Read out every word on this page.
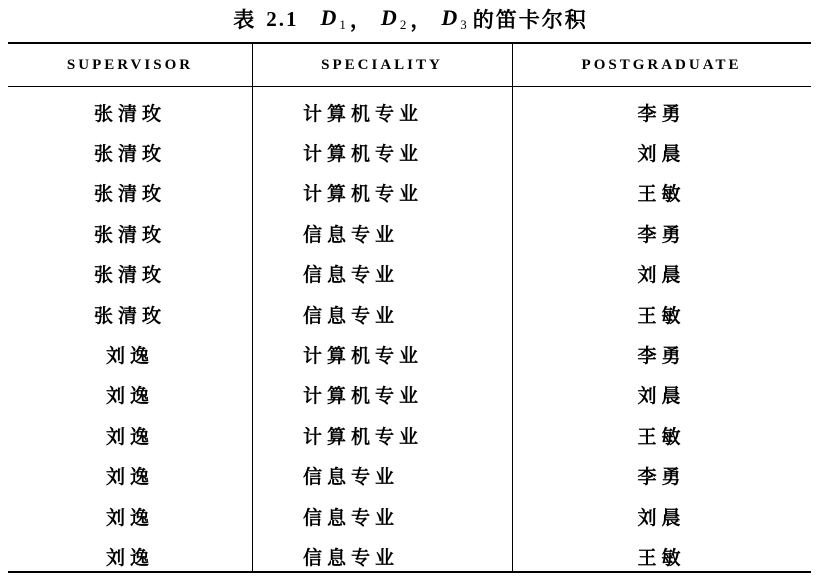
表 2.1 $D_1$ ， $D_2$ ， $D_3$ 的笛卡尔积
SUPERVISOR	SPECIALITY	POSTGRADUATE
张清玫	计算机专业	李勇
张清玫	计算机专业	刘晨
张清玫	计算机专业	王敏
张清玫	信息专业	李勇
张清玫	信息专业	刘晨
张清玫	信息专业	王敏
刘逸	计算机专业	李勇
刘逸	计算机专业	刘晨
刘逸	计算机专业	王敏
刘逸	信息专业	李勇
刘逸	信息专业	刘晨
刘逸	信息专业	王敏
